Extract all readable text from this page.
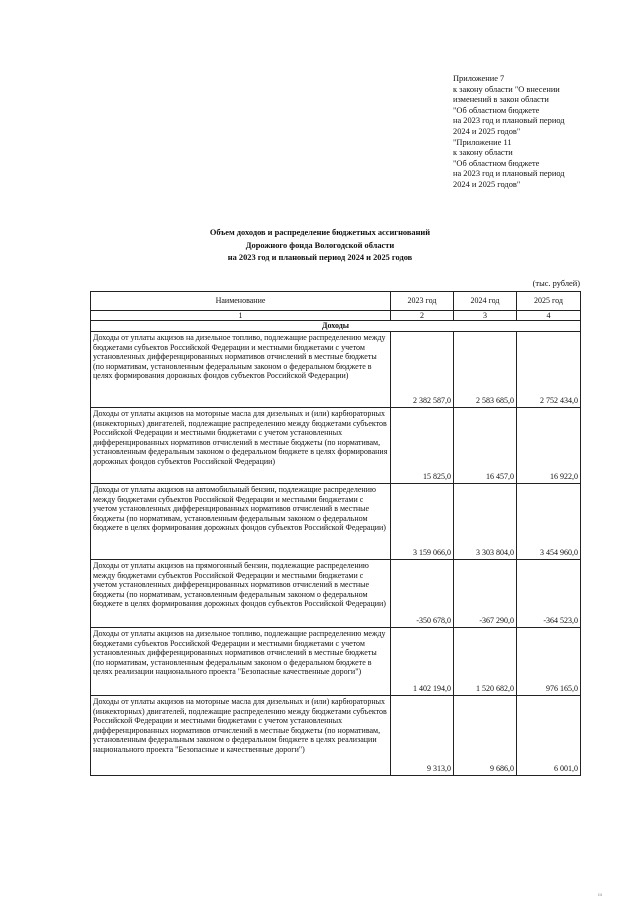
Приложение 7
к закону области "О внесении
изменений в закон области
"Об областном бюджете
на 2023 год и плановый период
2024 и 2025 годов"
"Приложение 11
к закону области
"Об областном бюджете
на 2023 год и плановый период
2024 и 2025 годов"
Объем доходов и распределение бюджетных ассигнований
Дорожного фонда Вологодской области
на 2023 год и плановый период 2024 и 2025 годов
(тыс. рублей)
Наименование	2023 год	2024 год	2025 год
1	2	3	4
Доходы			
Доходы от уплаты акцизов на дизельное топливо, подлежащие распределению между бюджетами субъектов Российской Федерации и местными бюджетами с учетом установленных дифференцированных нормативов отчислений в местные бюджеты (по нормативам, установленным федеральным законом о федеральном бюджете в целях формирования дорожных фондов субъектов Российской Федерации)	2 382 587,0	2 583 685,0	2 752 434,0
Доходы от уплаты акцизов на моторные масла для дизельных и (или) карбюраторных (инжекторных) двигателей, подлежащие распределению между бюджетами субъектов Российской Федерации и местными бюджетами с учетом установленных дифференцированных нормативов отчислений в местные бюджеты (по нормативам, установленным федеральным законом о федеральном бюджете в целях формирования дорожных фондов субъектов Российской Федерации)	15 825,0	16 457,0	16 922,0
Доходы от уплаты акцизов на автомобильный бензин, подлежащие распределению между бюджетами субъектов Российской Федерации и местными бюджетами с учетом установленных дифференцированных нормативов отчислений в местные бюджеты (по нормативам, установленным федеральным законом о федеральном бюджете в целях формирования дорожных фондов субъектов Российской Федерации)	3 159 066,0	3 303 804,0	3 454 960,0
Доходы от уплаты акцизов на прямогонный бензин, подлежащие распределению между бюджетами субъектов Российской Федерации и местными бюджетами с учетом установленных дифференцированных нормативов отчислений в местные бюджеты (по нормативам, установленным федеральным законом о федеральном бюджете в целях формирования дорожных фондов субъектов Российской Федерации)	-350 678,0	-367 290,0	-364 523,0
Доходы от уплаты акцизов на дизельное топливо, подлежащие распределению между бюджетами субъектов Российской Федерации и местными бюджетами с учетом установленных дифференцированных нормативов отчислений в местные бюджеты (по нормативам, установленным федеральным законом о федеральном бюджете в целях реализации национального проекта "Безопасные качественные дороги")	1 402 194,0	1 520 682,0	976 165,0
Доходы от уплаты акцизов на моторные масла для дизельных и (или) карбюраторных (инжекторных) двигателей, подлежащие распределению между бюджетами субъектов Российской Федерации и местными бюджетами с учетом установленных дифференцированных нормативов отчислений в местные бюджеты (по нормативам, установленным федеральным законом о федеральном бюджете в целях реализации национального проекта "Безопасные и качественные дороги")	9 313,0	9 686,0	6 001,0
ııı
